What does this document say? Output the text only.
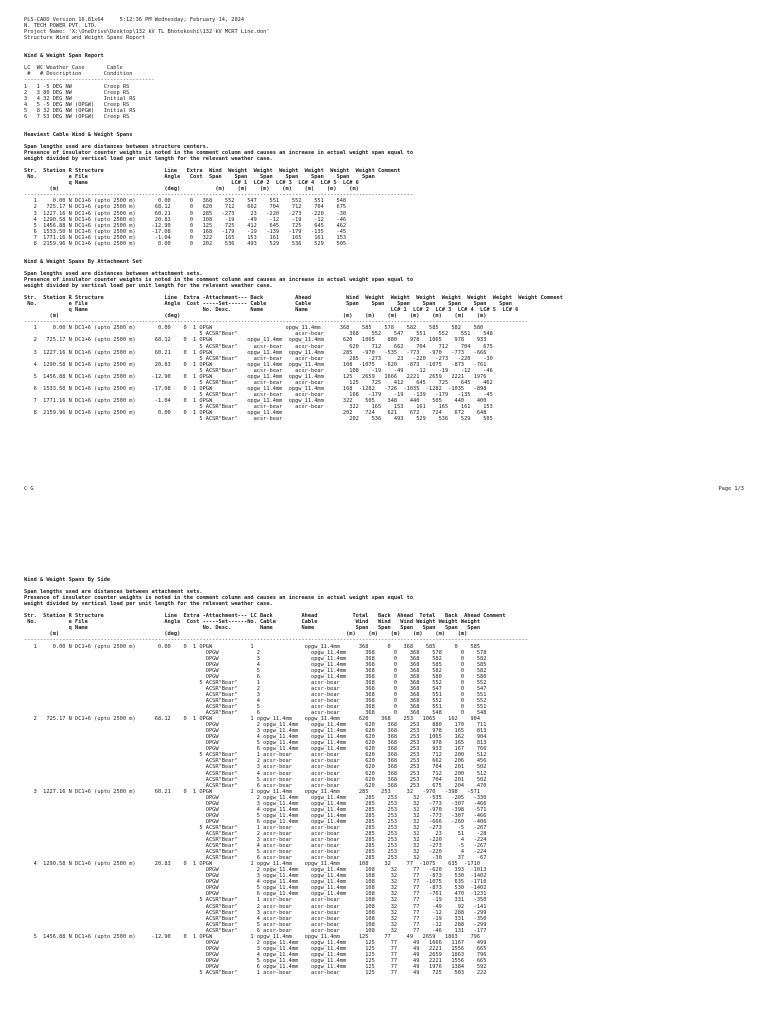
PLS-CADD Version 16.81x64     5:12:36 PM Wednesday, February 14, 2024
N. TECH POWER PVT. LTD.
Project Name: 'X:\OneDrive\Desktop\132 kV TL Bhotekoshi\132 kV MCRT Line.don'
Structure Wind and Weight Spans Report

Wind & Weight Span Report

LC  WC Weather Case       Cable
#   # Description       Condition
-----------------------------------------
1   1 -5 DEG NW          Creep RS
2   3 80 DEG NW          Creep RS
3   4 32 DEG NW          Initial RS
4   5 -5 DEG NW (OPGW)   Creep RS
5   8 32 DEG NW (OPGW)   Initial RS
6   7 53 DEG NW (OPGW)   Creep RS

Heaviest Cable Wind & Weight Spans

Span lengths used are distances between structure centers.
Presence of insulator counter weights is noted in the comment column and causes an increase in actual weight span equal to
weight divided by vertical load per unit length for the relevant weather case.

Str.  Station R Structure                   Line   Extra  Wind  Weight  Weight  Weight  Weight  Weight  Weight Comment
No.          e File                        Angle   Cost  Span    Span    Span    Span    Span    Span    Span
q Name                                             LC# 1  LC# 2  LC# 3  LC# 4  LC# 5  LC# 6
(m)                                 (deg)           (m)    (m)    (m)    (m)    (m)    (m)    (m)
--------------------------------------------------------------------------------------------------------------------------
1     0.00 N DC1+6 (upto 2500 m)       0.00      0   368    552    547    551    552    551    548
2   725.17 N DC1+6 (upto 2500 m)      68.12      0   620    712    662    704    712    704    675
3  1227.16 N DC1+6 (upto 2500 m)      60.21      0   285   -273     23   -220   -273   -220    -30
4  1290.58 N DC1+6 (upto 2500 m)      20.83      0   108    -19    -49    -12    -19    -12    -46
5  1456.88 N DC1+6 (upto 2500 m)     -12.90      0   125    725    412    645    725    645    462
6  1533.50 N DC1+6 (upto 2500 m)     -17.08      0   168   -179    -19   -139   -179   -135    -45
7  1771.16 N DC1+6 (upto 2500 m)      -1.04      0   322    165    153    161    165    161    153
8  2159.96 N DC1+6 (upto 2500 m)       0.00      0   202    536    493    529    536    529    505

Wind & Weight Spans By Attachment Set

Span lengths used are distances between attachment sets.
Presence of insulator counter weights is noted in the comment column and causes an increase in actual weight span equal to
weight divided by vertical load per unit length for the relevant weather case.

Str.  Station R Structure                   Line  Extra -Attachment--- Back          Ahead           Wind  Weight  Weight  Weight  Weight  Weight  Weight  Weight Comment
No.          e File                        Angle  Cost -----Set------ Cable         Cable           Span    Span    Span    Span    Span    Span    Span
q Name                                    No. Desc.      Name          Name                          LC# 1  LC# 2  LC# 3  LC# 4  LC# 5  LC# 6
(m)                                 (deg)                                                   (m)    (m)    (m)    (m)    (m)    (m)    (m)
--------------------------------------------------------------------------------------------------------------------------------------------------------------
1     0.00 N DC1+6 (upto 2500 m)       0.00    0  1 OPGW                       opgw_11.4mm      368    585    578    582    585    582    580
5 ACSR"Bear"                  acsr-bear        368    552    547    551    552    551    548
2   725.17 N DC1+6 (upto 2500 m)      68.12    0  1 OPGW           opgw_11.4mm  opgw_11.4mm      620   1065    880    978   1065    978    933
5 ACSR"Bear"     acsr-bear    acsr-bear        620    712    662    704    712    704    675
3  1227.16 N DC1+6 (upto 2500 m)      60.21    0  1 OPGW           opgw_11.4mm  opgw_11.4mm      285   -970   -535   -773   -970   -773   -666
5 ACSR"Bear"     acsr-bear    acsr-bear        285   -273     23   -220   -273   -220    -30
4  1290.58 N DC1+6 (upto 2500 m)      20.83    0  1 OPGW           opgw_11.4mm  opgw_11.4mm      108  -1075   -620   -873  -1075   -873   -761
5 ACSR"Bear"     acsr-bear    acsr-bear        108    -19    -49    -12    -19    -12    -46
5  1456.88 N DC1+6 (upto 2500 m)     -12.90    0  1 OPGW           opgw_11.4mm  opgw_11.4mm      125   2659   1666   2221   2659   2221   1976
5 ACSR"Bear"     acsr-bear    acsr-bear        125    725    412    645    725    645    462
6  1533.50 N DC1+6 (upto 2500 m)     -17.08    0  1 OPGW           opgw_11.4mm  opgw_11.4mm      168  -1282   -726  -1035  -1282  -1035   -898
5 ACSR"Bear"     acsr-bear    acsr-bear        168   -179    -19   -139   -179   -135    -45
7  1771.16 N DC1+6 (upto 2500 m)      -1.04    0  1 OPGW           opgw_11.4mm  opgw_11.4mm      322    505    348    440    505    440    400
5 ACSR"Bear"     acsr-bear    acsr-bear        322    165    153    161    165    161    153
8  2159.96 N DC1+6 (upto 2500 m)       0.00    0  1 OPGW           opgw_11.4mm                   202    724    621    672    724    672    648
5 ACSR"Bear"     acsr-bear                     202    536    493    529    536    529    505
C G	Page 1/3
Wind & Weight Spans By Side

Span lengths used are distances between attachment sets.
Presence of insulator counter weights is noted in the comment column and causes an increase in actual weight span equal to
weight divided by vertical load per unit length for the relevant weather case.

Str.  Station R Structure                   Line  Extra -Attachment--- LC Back         Ahead           Total   Back  Ahead  Total   Back  Ahead Comment
No.          e File                        Angle  Cost -----Set------No. Cable        Cable            Wind   Wind   Wind Weight Weight Weight
q Name                                    No. Desc.         Name         Name             Span   Span   Span   Span   Span   Span
(m)                                 (deg)                                                    (m)    (m)    (m)    (m)    (m)    (m)
--------------------------------------------------------------------------------------------------------------------------------------------------------------
1     0.00 N DC1+6 (upto 2500 m)       0.00    0  1 OPGW            1                opgw_11.4mm      368      0    368    585      0    585
OPGW            2                opgw_11.4mm      368      0    368    578      0    578
OPGW            3                opgw_11.4mm      368      0    368    582      0    582
OPGW            4                opgw_11.4mm      368      0    368    585      0    585
OPGW            5                opgw_11.4mm      368      0    368    582      0    582
OPGW            6                opgw_11.4mm      368      0    368    580      0    580
5 ACSR"Bear"      1                acsr-bear        368      0    368    552      0    552
ACSR"Bear"      2                acsr-bear        368      0    368    547      0    547
ACSR"Bear"      3                acsr-bear        368      0    368    551      0    551
ACSR"Bear"      4                acsr-bear        368      0    368    552      0    552
ACSR"Bear"      5                acsr-bear        368      0    368    551      0    551
ACSR"Bear"      6                acsr-bear        368      0    368    548      0    548
2   725.17 N DC1+6 (upto 2500 m)      68.12    0  1 OPGW            1 opgw_11.4mm    opgw_11.4mm      620    368    253   1065    162    904
OPGW            2 opgw_11.4mm    opgw_11.4mm      620    368    253    880    170    711
OPGW            3 opgw_11.4mm    opgw_11.4mm      620    368    253    978    165    813
OPGW            4 opgw_11.4mm    opgw_11.4mm      620    368    253   1065    162    904
OPGW            5 opgw_11.4mm    opgw_11.4mm      620    368    253    978    165    813
OPGW            6 opgw_11.4mm    opgw_11.4mm      620    368    253    933    167    766
5 ACSR"Bear"      1 acsr-bear      acsr-bear        620    368    253    712    200    512
ACSR"Bear"      2 acsr-bear      acsr-bear        620    368    253    662    206    456
ACSR"Bear"      3 acsr-bear      acsr-bear        620    368    253    704    201    502
ACSR"Bear"      4 acsr-bear      acsr-bear        620    368    253    712    200    512
ACSR"Bear"      5 acsr-bear      acsr-bear        620    368    253    704    201    502
ACSR"Bear"      6 acsr-bear      acsr-bear        620    368    253    675    204    470
3  1227.16 N DC1+6 (upto 2500 m)      60.21    0  1 OPGW            1 opgw_11.4mm    opgw_11.4mm      285    253     32   -970   -398   -571
OPGW            2 opgw_11.4mm    opgw_11.4mm      285    253     32   -535   -205   -330
OPGW            3 opgw_11.4mm    opgw_11.4mm      285    253     32   -773   -307   -466
OPGW            4 opgw_11.4mm    opgw_11.4mm      285    253     32   -970   -398   -571
OPGW            5 opgw_11.4mm    opgw_11.4mm      285    253     32   -773   -307   -466
OPGW            6 opgw_11.4mm    opgw_11.4mm      285    253     32   -666   -260   -406
5 ACSR"Bear"      1 acsr-bear      acsr-bear        285    253     32   -273     -5   -267
ACSR"Bear"      2 acsr-bear      acsr-bear        285    253     32     23     51    -28
ACSR"Bear"      3 acsr-bear      acsr-bear        285    253     32   -220      4   -224
ACSR"Bear"      4 acsr-bear      acsr-bear        285    253     32   -273     -5   -267
ACSR"Bear"      5 acsr-bear      acsr-bear        285    253     32   -220      4   -224
ACSR"Bear"      6 acsr-bear      acsr-bear        285    253     32    -30     37    -67
4  1290.58 N DC1+6 (upto 2500 m)      20.83    0  1 OPGW            1 opgw_11.4mm    opgw_11.4mm      108     32     77  -1075    635  -1710
OPGW            2 opgw_11.4mm    opgw_11.4mm      108     32     77   -620    393  -1013
OPGW            3 opgw_11.4mm    opgw_11.4mm      108     32     77   -873    530  -1402
OPGW            4 opgw_11.4mm    opgw_11.4mm      108     32     77  -1075    635  -1710
OPGW            5 opgw_11.4mm    opgw_11.4mm      108     32     77   -873    530  -1402
OPGW            6 opgw_11.4mm    opgw_11.4mm      108     32     77   -761    470  -1231
5 ACSR"Bear"      1 acsr-bear      acsr-bear        108     32     77    -19    331   -350
ACSR"Bear"      2 acsr-bear      acsr-bear        108     32     77    -49     92   -141
ACSR"Bear"      3 acsr-bear      acsr-bear        108     32     77    -12    288   -299
ACSR"Bear"      4 acsr-bear      acsr-bear        108     32     77    -19    331   -350
ACSR"Bear"      5 acsr-bear      acsr-bear        108     32     77    -12    288   -299
ACSR"Bear"      6 acsr-bear      acsr-bear        108     32     77    -46    131   -177
5  1456.88 N DC1+6 (upto 2500 m)     -12.90    0  1 OPGW            1 opgw_11.4mm    opgw_11.4mm      125     77     49   2659   1863    796
OPGW            2 opgw_11.4mm    opgw_11.4mm      125     77     49   1666   1167    499
OPGW            3 opgw_11.4mm    opgw_11.4mm      125     77     49   2221   1556    665
OPGW            4 opgw_11.4mm    opgw_11.4mm      125     77     49   2659   1863    796
OPGW            5 opgw_11.4mm    opgw_11.4mm      125     77     49   2221   1556    665
OPGW            6 opgw_11.4mm    opgw_11.4mm      125     77     49   1976   1384    592
5 ACSR"Bear"      1 acsr-bear      acsr-bear        125     77     49    725    503    222
